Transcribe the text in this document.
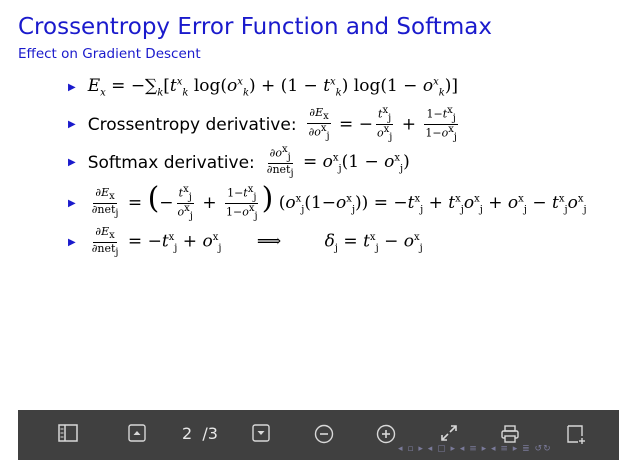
Crossentropy Error Function and Softmax
Effect on Gradient Descent
▶ $E_x = -\sum_k[t^x_k$ $\log(o^x_k) + (1 - t^x_k) \log(1 - o^x_k)$]
▶ Crossentropy derivative: $\frac{\partial E_x}{\partial o^x_j}$ = − $\frac{t^x_j}{o^x_j} + \frac{1-t^x_j}{1-o^x_j}$
▶ Softmax derivative: $\frac{\partial o^x_j}{\partial net_j} = o^x_j(1 - o^x_j)$
▶ $\frac{\partial E_x}{\partial net_j}$ = (− $\frac{t^x_j}{o^x_j} + \frac{1-t^x_j}{1-o^x_j}$ ) $(o^x_j(1-o^x_j)) = -t^x_j + t^x_jo^x_j + o^x_j - t^x_jo^x_j$
▶ $\frac{\partial E_x}{\partial net_j} = -t^x_j + o^x_j$ ⟹	$\delta_j = t^x_j - o^x_j$
2 /3
◂ ▫ ▸ ◂ ▢ ▸ ◂ ≡ ▸ ◂ ≡ ▸ ≣ ↺↻
